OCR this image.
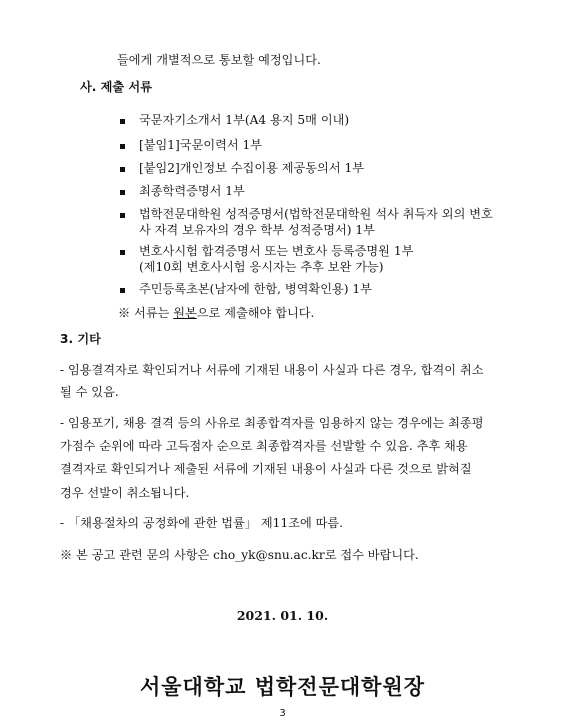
들에게 개별적으로 통보할 예정입니다.
사. 제출 서류
국문자기소개서 1부(A4 용지 5매 이내)
[붙임1]국문이력서 1부
[붙임2]개인정보 수집이용 제공동의서 1부
최종학력증명서 1부
법학전문대학원 성적증명서(법학전문대학원 석사 취득자 외의 변호
사 자격 보유자의 경우 학부 성적증명서) 1부
변호사시험 합격증명서 또는 변호사 등록증명원 1부
(제10회 변호사시험 응시자는 추후 보완 가능)
주민등록초본(남자에 한함, 병역확인용) 1부
※ 서류는 원본으로 제출해야 합니다.
3. 기타
- 임용결격자로 확인되거나 서류에 기재된 내용이 사실과 다른 경우, 합격이 취소
될 수 있음.
- 임용포기, 채용 결격 등의 사유로 최종합격자를 임용하지 않는 경우에는 최종평
가점수 순위에 따라 고득점자 순으로 최종합격자를 선발할 수 있음. 추후 채용
결격자로 확인되거나 제출된 서류에 기재된 내용이 사실과 다른 것으로 밝혀질
경우 선발이 취소됩니다.
- 「채용절차의 공정화에 관한 법률」 제11조에 따름.
※ 본 공고 관련 문의 사항은 cho_yk@snu.ac.kr로 접수 바랍니다.
2021. 01. 10.
서울대학교 법학전문대학원장
3
